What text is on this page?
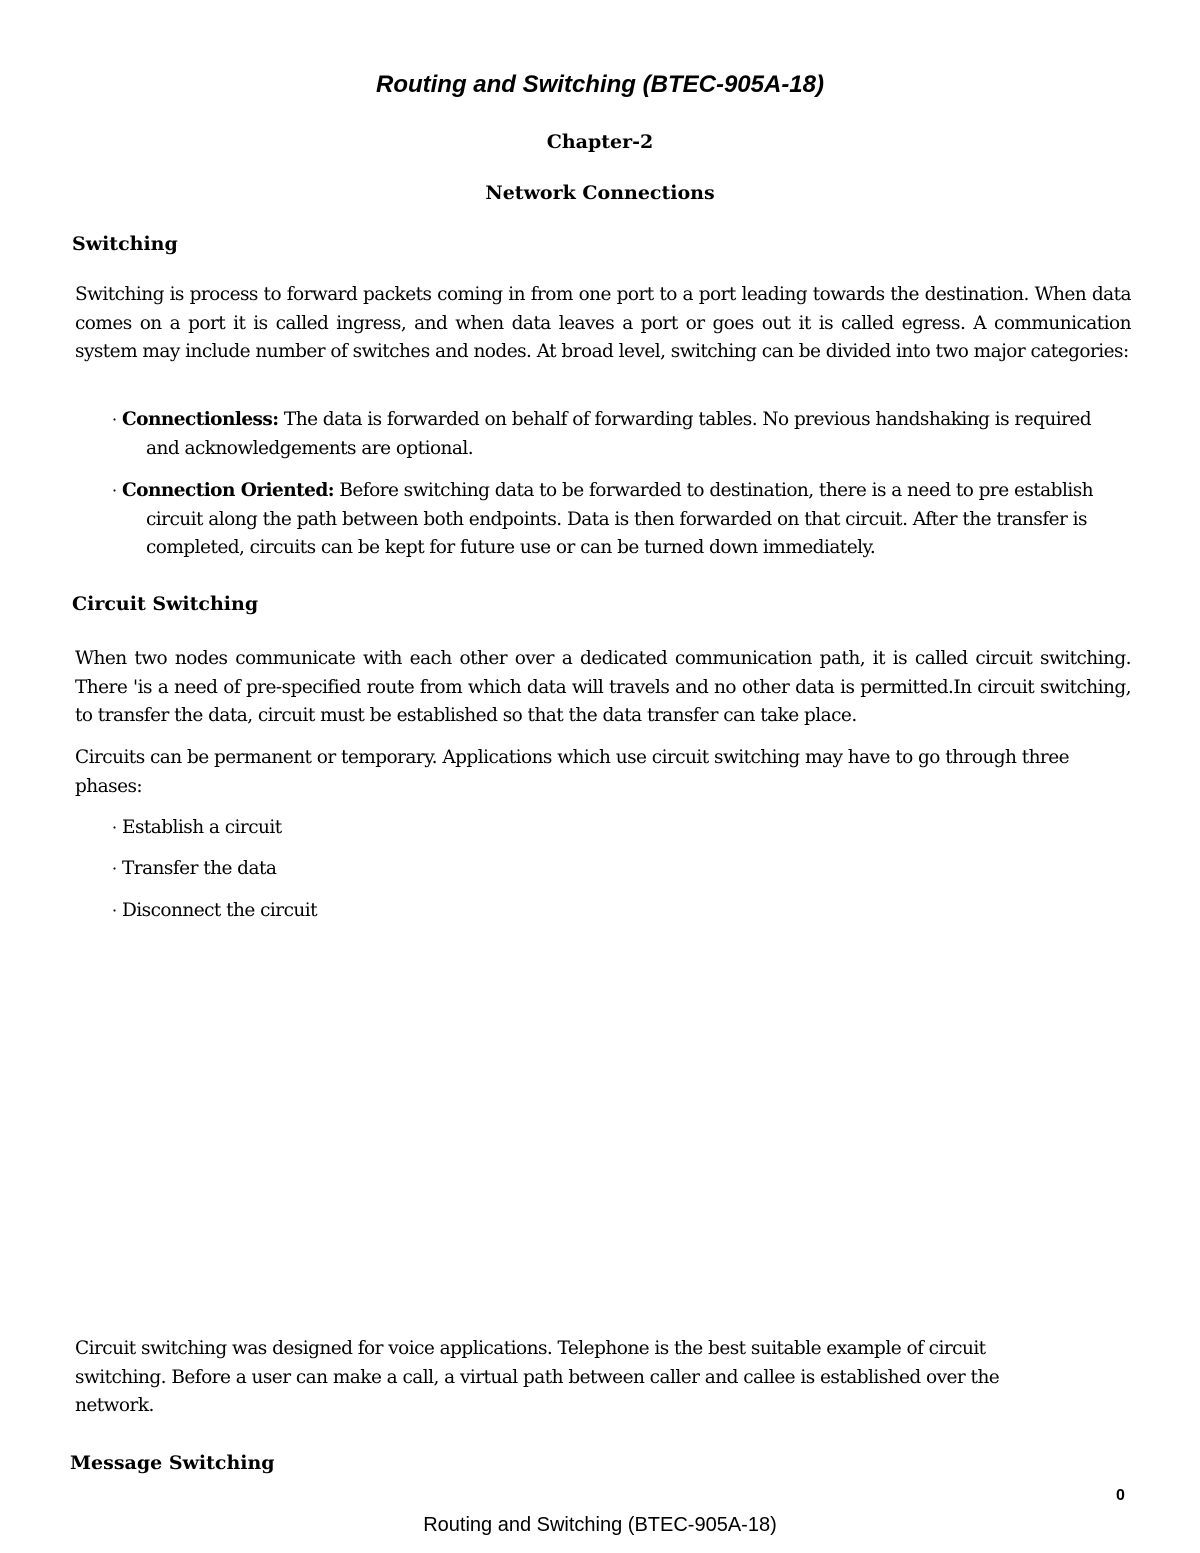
Routing and Switching (BTEC-905A-18)
Chapter-2
Network Connections
Switching
Switching is process to forward packets coming in from one port to a port leading towards the destination. When data comes on a port it is called ingress, and when data leaves a port or goes out it is called egress. A communication system may include number of switches and nodes. At broad level, switching can be divided into two major categories:
· Connectionless: The data is forwarded on behalf of forwarding tables. No previous handshaking is required and acknowledgements are optional.
· Connection Oriented: Before switching data to be forwarded to destination, there is a need to pre establish circuit along the path between both endpoints. Data is then forwarded on that circuit. After the transfer is completed, circuits can be kept for future use or can be turned down immediately.
Circuit Switching
When two nodes communicate with each other over a dedicated communication path, it is called circuit switching. There 'is a need of pre-specified route from which data will travels and no other data is permitted.In circuit switching, to transfer the data, circuit must be established so that the data transfer can take place.
Circuits can be permanent or temporary. Applications which use circuit switching may have to go through three phases:
· Establish a circuit
· Transfer the data
· Disconnect the circuit
Circuit switching was designed for voice applications. Telephone is the best suitable example of circuit switching. Before a user can make a call, a virtual path between caller and callee is established over the network.
Message Switching
0
Routing and Switching (BTEC-905A-18)
